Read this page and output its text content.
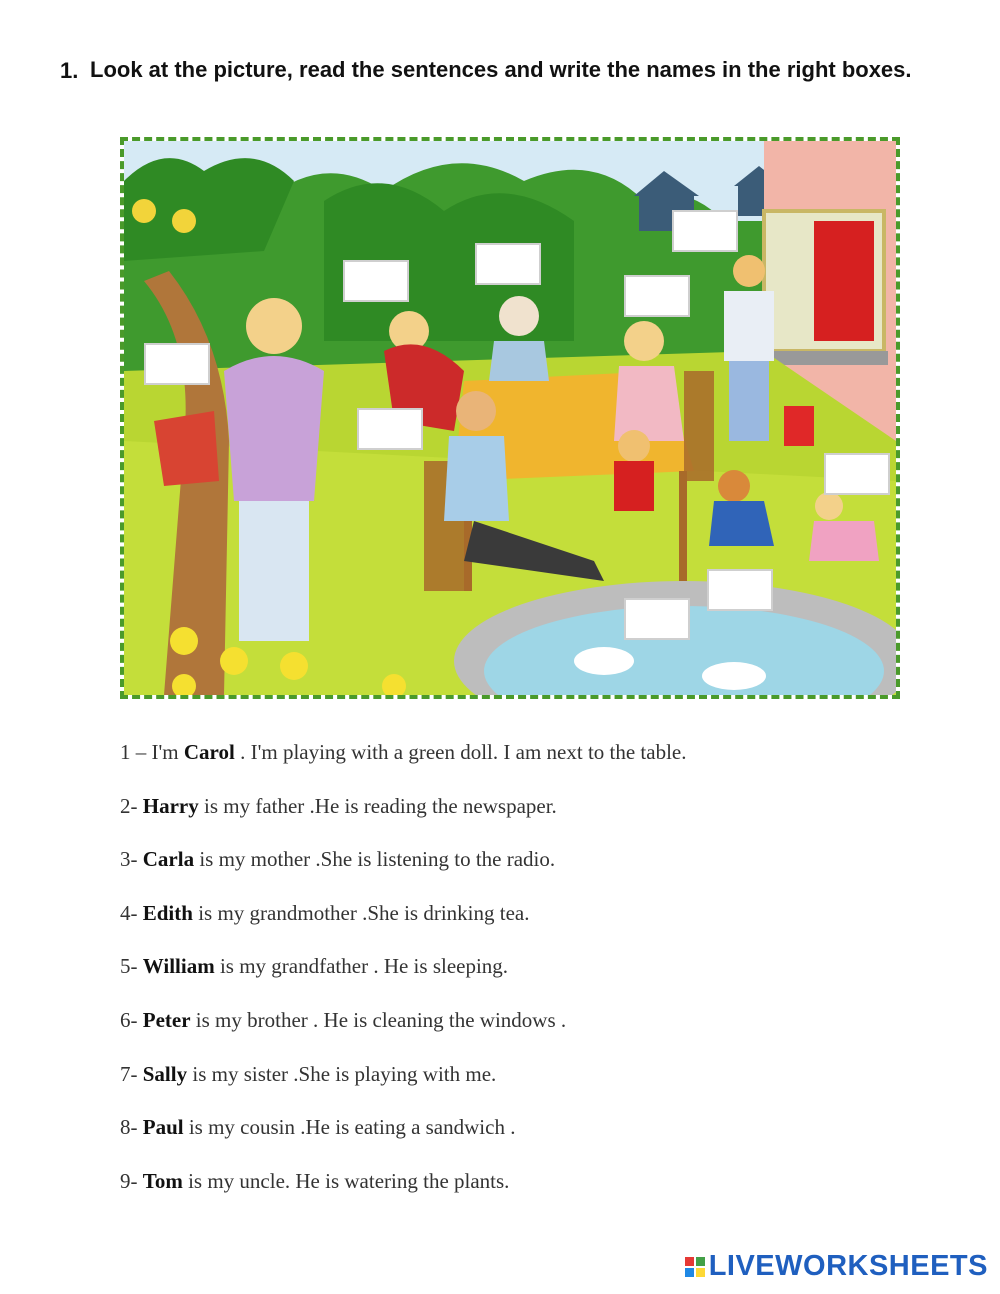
1. Look at the picture, read the sentences and write the names in the right boxes.
1 – I'm Carol . I'm playing with a green doll. I am next to the table.
2- Harry is my father .He is reading the newspaper.
3- Carla is my mother .She is listening to the radio.
4- Edith is my grandmother .She is drinking tea.
5- William is my grandfather . He is sleeping.
6- Peter is my brother . He is cleaning the windows .
7- Sally is my sister .She is playing with me.
8- Paul is my cousin .He is eating a sandwich .
9- Tom is my uncle. He is watering the plants.
LIVEWORKSHEETS
